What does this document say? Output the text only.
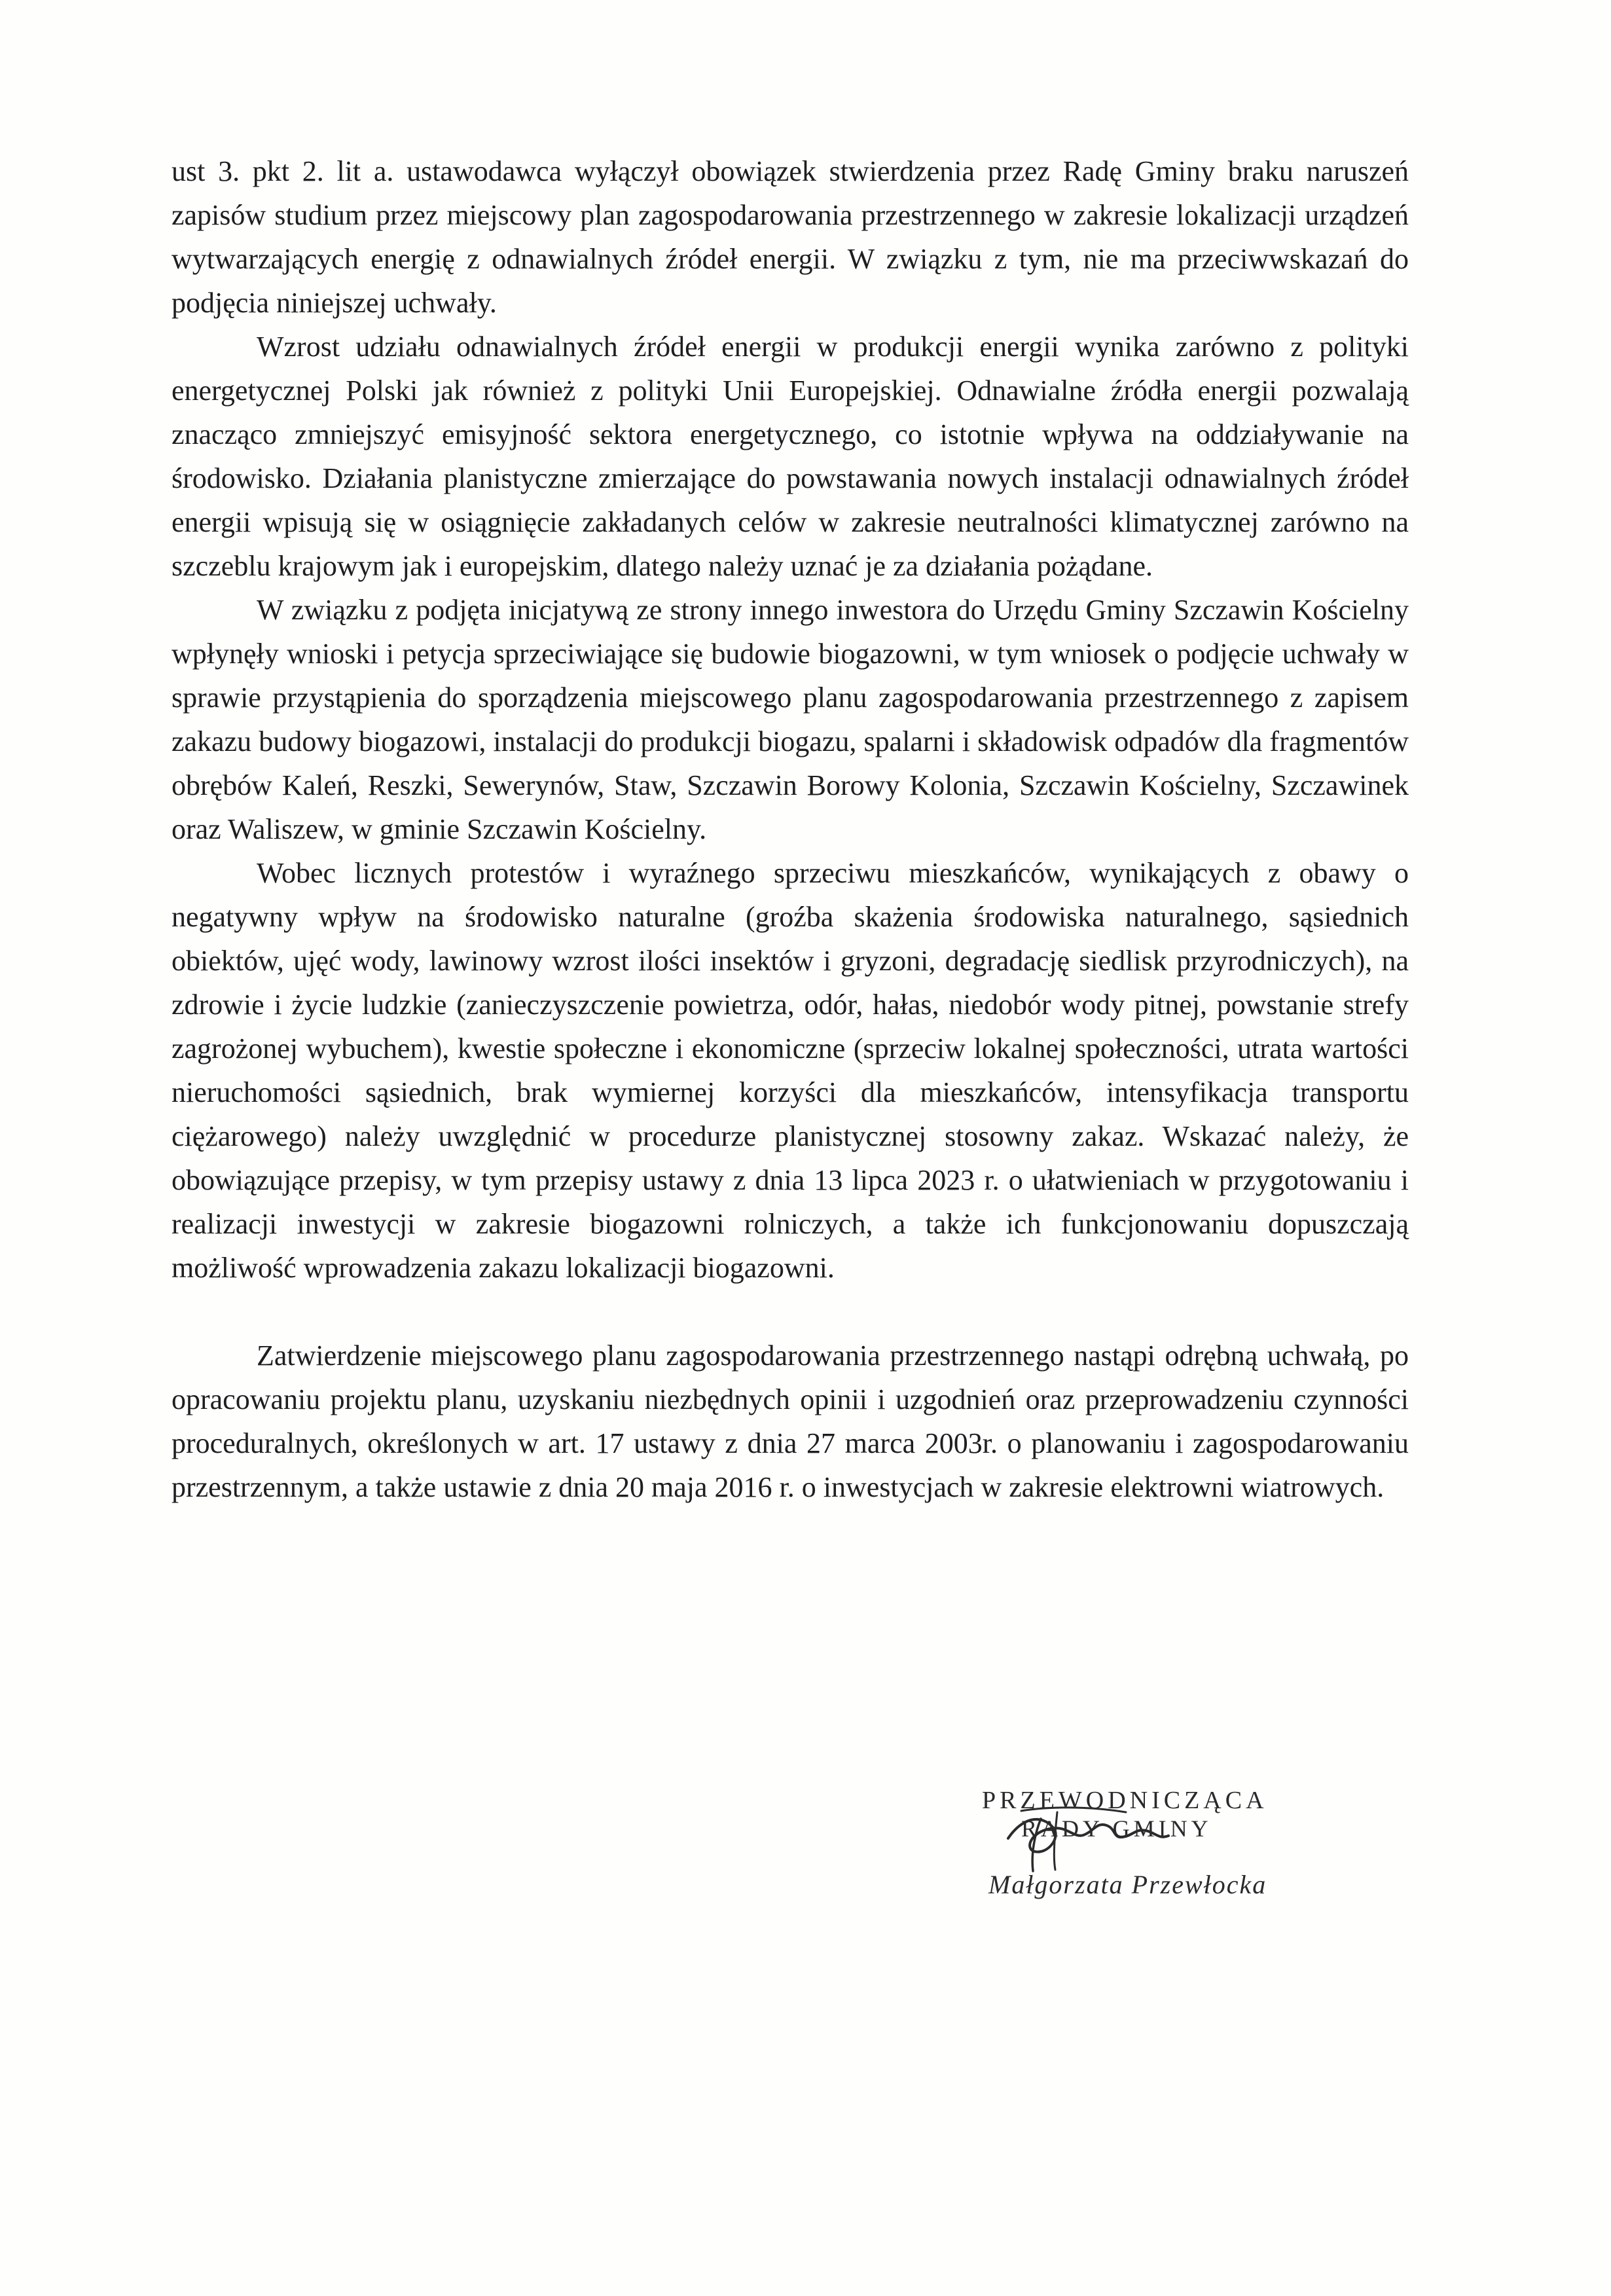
ust 3. pkt 2. lit a. ustawodawca wyłączył obowiązek stwierdzenia przez Radę Gminy braku naruszeń zapisów studium przez miejscowy plan zagospodarowania przestrzennego w zakresie lokalizacji urządzeń wytwarzających energię z odnawialnych źródeł energii. W związku z tym, nie ma przeciwwskazań do podjęcia niniejszej uchwały.

Wzrost udziału odnawialnych źródeł energii w produkcji energii wynika zarówno z polityki energetycznej Polski jak również z polityki Unii Europejskiej. Odnawialne źródła energii pozwalają znacząco zmniejszyć emisyjność sektora energetycznego, co istotnie wpływa na oddziaływanie na środowisko. Działania planistyczne zmierzające do powstawania nowych instalacji odnawialnych źródeł energii wpisują się w osiągnięcie zakładanych celów w zakresie neutralności klimatycznej zarówno na szczeblu krajowym jak i europejskim, dlatego należy uznać je za działania pożądane.

W związku z podjęta inicjatywą ze strony innego inwestora do Urzędu Gminy Szczawin Kościelny wpłynęły wnioski i petycja sprzeciwiające się budowie biogazowni, w tym wniosek o podjęcie uchwały w sprawie przystąpienia do sporządzenia miejscowego planu zagospodarowania przestrzennego z zapisem zakazu budowy biogazowi, instalacji do produkcji biogazu, spalarni i składowisk odpadów dla fragmentów obrębów Kaleń, Reszki, Sewerynów, Staw, Szczawin Borowy Kolonia, Szczawin Kościelny, Szczawinek oraz Waliszew, w gminie Szczawin Kościelny.

Wobec licznych protestów i wyraźnego sprzeciwu mieszkańców, wynikających z obawy o negatywny wpływ na środowisko naturalne (groźba skażenia środowiska naturalnego, sąsiednich obiektów, ujęć wody, lawinowy wzrost ilości insektów i gryzoni, degradację siedlisk przyrodniczych), na zdrowie i życie ludzkie (zanieczyszczenie powietrza, odór, hałas, niedobór wody pitnej, powstanie strefy zagrożonej wybuchem), kwestie społeczne i ekonomiczne (sprzeciw lokalnej społeczności, utrata wartości nieruchomości sąsiednich, brak wymiernej korzyści dla mieszkańców, intensyfikacja transportu ciężarowego) należy uwzględnić w procedurze planistycznej stosowny zakaz. Wskazać należy, że obowiązujące przepisy, w tym przepisy ustawy z dnia 13 lipca 2023 r. o ułatwieniach w przygotowaniu i realizacji inwestycji w zakresie biogazowni rolniczych, a także ich funkcjonowaniu dopuszczają możliwość wprowadzenia zakazu lokalizacji biogazowni.

Zatwierdzenie miejscowego planu zagospodarowania przestrzennego nastąpi odrębną uchwałą, po opracowaniu projektu planu, uzyskaniu niezbędnych opinii i uzgodnień oraz przeprowadzeniu czynności proceduralnych, określonych w art. 17 ustawy z dnia 27 marca 2003r. o planowaniu i zagospodarowaniu przestrzennym, a także ustawie z dnia 20 maja 2016 r. o inwestycjach w zakresie elektrowni wiatrowych.

PRZEWODNICZĄCA
RADY GMINY
Małgorzata Przewłocka
